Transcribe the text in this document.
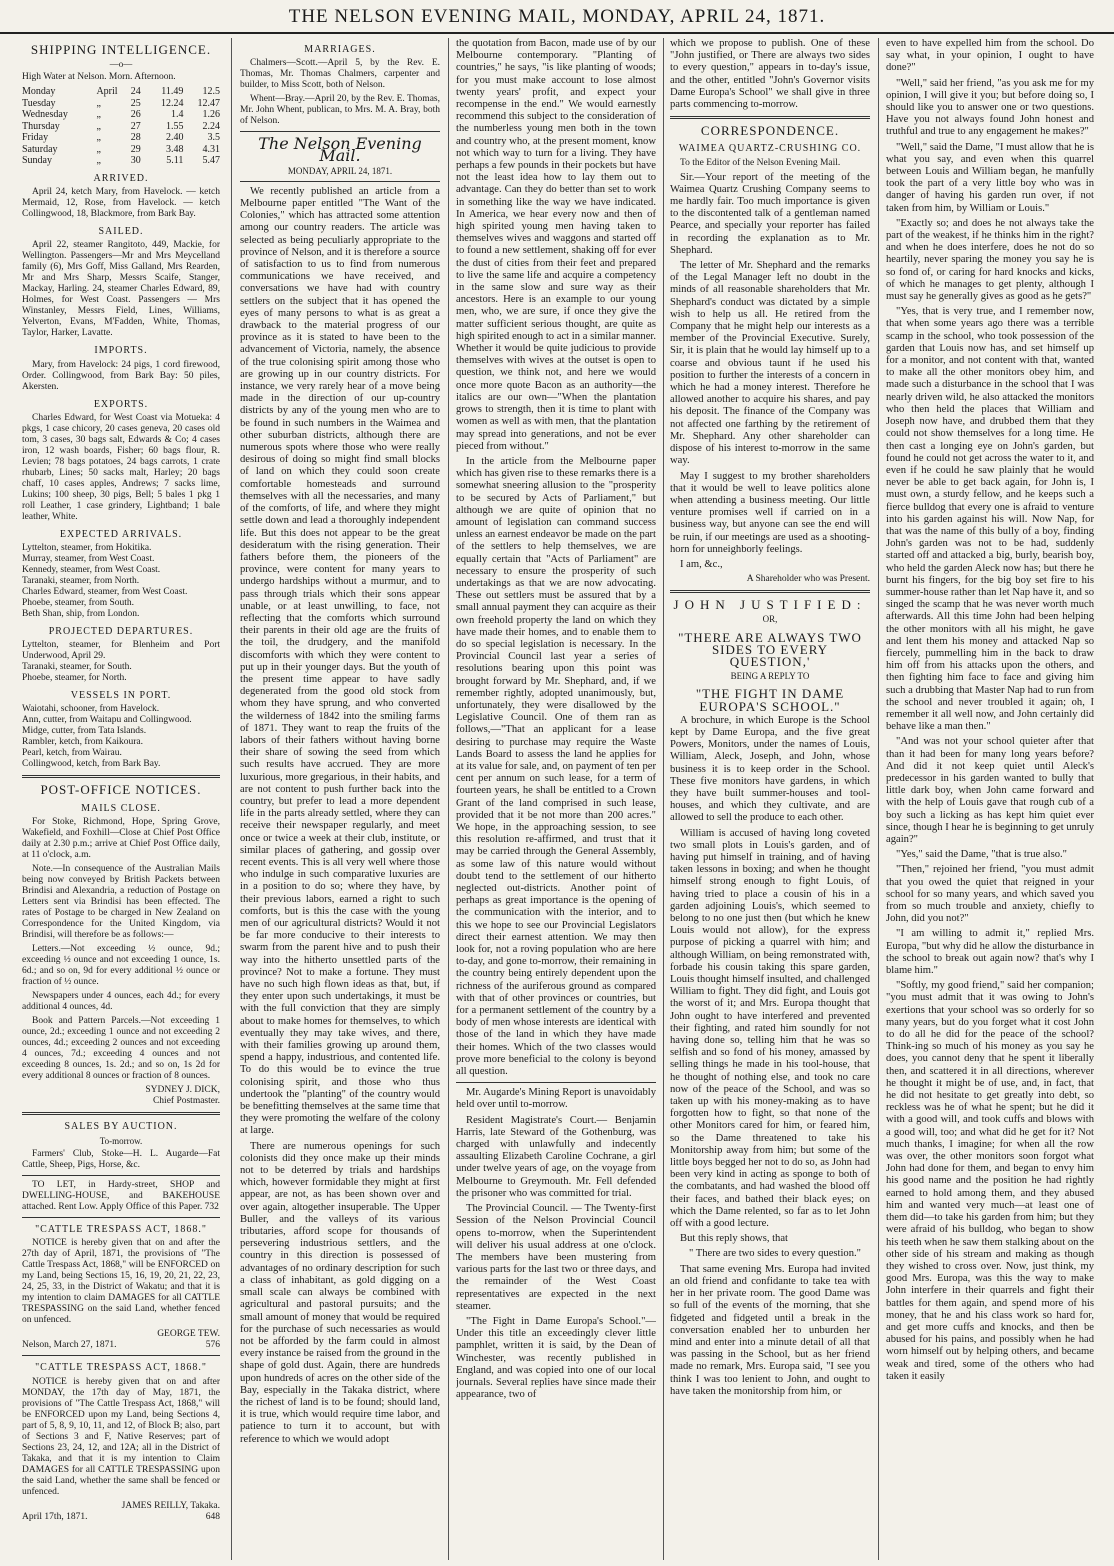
THE NELSON EVENING MAIL, MONDAY, APRIL 24, 1871.
SHIPPING INTELLIGENCE.
—o—

High Water at Nelson. Morn. Afternoon.

Monday	April	24	11.49	12.5
Tuesday	„	25	12.24	12.47
Wednesday	„	26	1.4	1.26
Thursday	„	27	1.55	2.24
Friday	„	28	2.40	3.5
Saturday	„	29	3.48	4.31
Sunday	„	30	5.11	5.47
ARRIVED.

April 24, ketch Mary, from Havelock. — ketch Mermaid, 12, Rose, from Havelock. — ketch Collingwood, 18, Blackmore, from Bark Bay.

SAILED.

April 22, steamer Rangitoto, 449, Mackie, for Wellington. Passengers—Mr and Mrs Meycelland family (6), Mrs Goff, Miss Galland, Mrs Rearden, Mr and Mrs Sharp, Messrs Scaife, Stanger, Mackay, Harling. 24, steamer Charles Edward, 89, Holmes, for West Coast. Passengers — Mrs Winstanley, Messrs Field, Lines, Williams, Yelverton, Evans, M'Fadden, White, Thomas, Taylor, Harker, Lavatte.

IMPORTS.

Mary, from Havelock: 24 pigs, 1 cord firewood, Order. Collingwood, from Bark Bay: 50 piles, Akersten.

EXPORTS.

Charles Edward, for West Coast via Motueka: 4 pkgs, 1 case chicory, 20 cases geneva, 20 cases old tom, 3 cases, 30 bags salt, Edwards & Co; 4 cases iron, 12 wash boards, Fisher; 60 bags flour, R. Levien; 78 bags potatoes, 24 bags carrots, 1 crate rhubarb, Lines; 50 sacks malt, Harley; 20 bags chaff, 10 cases apples, Andrews; 7 sacks lime, Lukins; 100 sheep, 30 pigs, Bell; 5 bales 1 pkg 1 roll Leather, 1 case grindery, Lightband; 1 bale leather, White.

EXPECTED ARRIVALS.
Lyttelton, steamer, from Hokitika.
Murray, steamer, from West Coast.
Kennedy, steamer, from West Coast.
Taranaki, steamer, from North.
Charles Edward, steamer, from West Coast.
Phoebe, steamer, from South.
Beth Shan, ship, from London.
PROJECTED DEPARTURES.
Lyttelton, steamer, for Blenheim and Port Underwood, April 29.
Taranaki, steamer, for South.
Phoebe, steamer, for North.
VESSELS IN PORT.
Waiotahi, schooner, from Havelock.
Ann, cutter, from Waitapu and Collingwood.
Midge, cutter, from Tata Islands.
Rambler, ketch, from Kaikoura.
Pearl, ketch, from Wairau.
Collingwood, ketch, from Bark Bay.
POST-OFFICE NOTICES.
MAILS CLOSE.

For Stoke, Richmond, Hope, Spring Grove, Wakefield, and Foxhill—Close at Chief Post Office daily at 2.30 p.m.; arrive at Chief Post Office daily, at 11 o'clock, a.m.

Note.—In consequence of the Australian Mails being now conveyed by British Packets between Brindisi and Alexandria, a reduction of Postage on Letters sent via Brindisi has been effected. The rates of Postage to be charged in New Zealand on Correspondence for the United Kingdom, via Brindisi, will therefore be as follows:—

Letters.—Not exceeding ½ ounce, 9d.; exceeding ½ ounce and not exceeding 1 ounce, 1s. 6d.; and so on, 9d for every additional ½ ounce or fraction of ½ ounce.

Newspapers under 4 ounces, each 4d.; for every additional 4 ounces, 4d.

Book and Pattern Parcels.—Not exceeding 1 ounce, 2d.; exceeding 1 ounce and not exceeding 2 ounces, 4d.; exceeding 2 ounces and not exceeding 4 ounces, 7d.; exceeding 4 ounces and not exceeding 8 ounces, 1s. 2d.; and so on, 1s 2d for every additional 8 ounces or fraction of 8 ounces.

SYDNEY J. DICK,

Chief Postmaster.

SALES BY AUCTION.
To-morrow.

Farmers' Club, Stoke—H. L. Augarde—Fat Cattle, Sheep, Pigs, Horse, &c.

TO LET, in Hardy-street, SHOP and DWELLING-HOUSE, and BAKEHOUSE attached. Rent Low. Apply Office of this Paper. 732

"CATTLE TRESPASS ACT, 1868."

NOTICE is hereby given that on and after the 27th day of April, 1871, the provisions of "The Cattle Trespass Act, 1868," will be ENFORCED on my Land, being Sections 15, 16, 19, 20, 21, 22, 23, 24, 25, 33, in the District of Wakatu; and that it is my intention to claim DAMAGES for all CATTLE TRESPASSING on the said Land, whether fenced on unfenced.

GEORGE TEW.

Nelson, March 27, 1871.	576

"CATTLE TRESPASS ACT, 1868."

NOTICE is hereby given that on and after MONDAY, the 17th day of May, 1871, the provisions of "The Cattle Trespass Act, 1868," will be ENFORCED upon my Land, being Sections 4, part of 5, 8, 9, 10, 11, and 12, of Block B; also, part of Sections 3 and F, Native Reserves; part of Sections 23, 24, 12, and 12A; all in the District of Takaka, and that it is my intention to Claim DAMAGES for all CATTLE TRESPASSING upon the said Land, whether the same shall be fenced or unfenced.

JAMES REILLY, Takaka.

April 17th, 1871.	648

MARRIAGES.

Chalmers—Scott.—April 5, by the Rev. E. Thomas, Mr. Thomas Chalmers, carpenter and builder, to Miss Scott, both of Nelson.

Whent—Bray.—April 20, by the Rev. E. Thomas, Mr. John Whent, publican, to Mrs. M. A. Bray, both of Nelson.

The Nelson Evening Mail.
MONDAY, APRIL 24, 1871.

We recently published an article from a Melbourne paper entitled "The Want of the Colonies," which has attracted some attention among our country readers. The article was selected as being peculiarly appropriate to the province of Nelson, and it is therefore a source of satisfaction to us to find from numerous communications we have received, and conversations we have had with country settlers on the subject that it has opened the eyes of many persons to what is as great a drawback to the material progress of our province as it is stated to have been to the advancement of Victoria, namely, the absence of the true colonising spirit among those who are growing up in our country districts. For instance, we very rarely hear of a move being made in the direction of our up-country districts by any of the young men who are to be found in such numbers in the Waimea and other suburban districts, although there are numerous spots where those who were really desirous of doing so might find small blocks of land on which they could soon create comfortable homesteads and surround themselves with all the necessaries, and many of the comforts, of life, and where they might settle down and lead a thoroughly independent life. But this does not appear to be the great desideratum with the rising generation. Their fathers before them, the pioneers of the province, were content for many years to undergo hardships without a murmur, and to pass through trials which their sons appear unable, or at least unwilling, to face, not reflecting that the comforts which surround their parents in their old age are the fruits of the toil, the drudgery, and the manifold discomforts with which they were content to put up in their younger days. But the youth of the present time appear to have sadly degenerated from the good old stock from whom they have sprung, and who converted the wilderness of 1842 into the smiling farms of 1871. They want to reap the fruits of the labors of their fathers without having borne their share of sowing the seed from which such results have accrued. They are more luxurious, more gregarious, in their habits, and are not content to push further back into the country, but prefer to lead a more dependent life in the parts already settled, where they can receive their newspaper regularly, and meet once or twice a week at their club, institute, or similar places of gathering, and gossip over recent events. This is all very well where those who indulge in such comparative luxuries are in a position to do so; where they have, by their previous labors, earned a right to such comforts, but is this the case with the young men of our agricultural districts? Would it not be far more conducive to their interests to swarm from the parent hive and to push their way into the hitherto unsettled parts of the province? Not to make a fortune. They must have no such high flown ideas as that, but, if they enter upon such undertakings, it must be with the full conviction that they are simply about to make homes for themselves, to which eventually they may take wives, and there, with their families growing up around them, spend a happy, industrious, and contented life. To do this would be to evince the true colonising spirit, and those who thus undertook the "planting" of the country would be benefitting themselves at the same time that they were promoting the welfare of the colony at large.

There are numerous openings for such colonists did they once make up their minds not to be deterred by trials and hardships which, however formidable they might at first appear, are not, as has been shown over and over again, altogether insuperable. The Upper Buller, and the valleys of its various tributaries, afford scope for thousands of persevering industrious settlers, and the country in this direction is possessed of advantages of no ordinary description for such a class of inhabitant, as gold digging on a small scale can always be combined with agricultural and pastoral pursuits; and the small amount of money that would be required for the purchase of such necessaries as would not be afforded by the farm could in almost every instance be raised from the ground in the shape of gold dust. Again, there are hundreds upon hundreds of acres on the other side of the Bay, especially in the Takaka district, where the richest of land is to be found; should land, it is true, which would require time labor, and patience to turn it to account, but with reference to which we would adopt

the quotation from Bacon, made use of by our Melbourne contemporary. "Planting of countries," he says, "is like planting of woods; for you must make account to lose almost twenty years' profit, and expect your recompense in the end." We would earnestly recommend this subject to the consideration of the numberless young men both in the town and country who, at the present moment, know not which way to turn for a living. They have perhaps a few pounds in their pockets but have not the least idea how to lay them out to advantage. Can they do better than set to work in something like the way we have indicated. In America, we hear every now and then of high spirited young men having taken to themselves wives and waggons and started off to found a new settlement, shaking off for ever the dust of cities from their feet and prepared to live the same life and acquire a competency in the same slow and sure way as their ancestors. Here is an example to our young men, who, we are sure, if once they give the matter sufficient serious thought, are quite as high spirited enough to act in a similar manner. Whether it would be quite judicious to provide themselves with wives at the outset is open to question, we think not, and here we would once more quote Bacon as an authority—the italics are our own—"When the plantation grows to strength, then it is time to plant with women as well as with men, that the plantation may spread into generations, and not be ever pieced from without."

In the article from the Melbourne paper which has given rise to these remarks there is a somewhat sneering allusion to the "prosperity to be secured by Acts of Parliament," but although we are quite of opinion that no amount of legislation can command success unless an earnest endeavor be made on the part of the settlers to help themselves, we are equally certain that "Acts of Parliament" are necessary to ensure the prosperity of such undertakings as that we are now advocating. These out settlers must be assured that by a small annual payment they can acquire as their own freehold property the land on which they have made their homes, and to enable them to do so special legislation is necessary. In the Provincial Council last year a series of resolutions bearing upon this point was brought forward by Mr. Shephard, and, if we remember rightly, adopted unanimously, but, unfortunately, they were disallowed by the Legislative Council. One of them ran as follows,—"That an applicant for a lease desiring to purchase may require the Waste Lands Board to assess the land he applies for at its value for sale, and, on payment of ten per cent per annum on such lease, for a term of fourteen years, he shall be entitled to a Crown Grant of the land comprised in such lease, provided that it be not more than 200 acres." We hope, in the approaching session, to see this resolution re-affirmed, and trust that it may be carried through the General Assembly, as some law of this nature would without doubt tend to the settlement of our hitherto neglected out-districts. Another point of perhaps as great importance is the opening of the communication with the interior, and to this we hope to see our Provincial Legislators direct their earnest attention. We may then look for, not a roving population who are here to-day, and gone to-morrow, their remaining in the country being entirely dependent upon the richness of the auriferous ground as compared with that of other provinces or countries, but for a permanent settlement of the country by a body of men whose interests are identical with those of the land in which they have made their homes. Which of the two classes would prove more beneficial to the colony is beyond all question.

Mr. Augarde's Mining Report is unavoidably held over until to-morrow.

Resident Magistrate's Court.— Benjamin Harris, late Steward of the Gothenburg, was charged with unlawfully and indecently assaulting Elizabeth Caroline Cochrane, a girl under twelve years of age, on the voyage from Melbourne to Greymouth. Mr. Fell defended the prisoner who was committed for trial.

The Provincial Council. — The Twenty-first Session of the Nelson Provincial Council opens to-morrow, when the Superintendent will deliver his usual address at one o'clock. The members have been mustering from various parts for the last two or three days, and the remainder of the West Coast representatives are expected in the next steamer.

"The Fight in Dame Europa's School."—Under this title an exceedingly clever little pamphlet, written it is said, by the Dean of Winchester, was recently published in England, and was copied into one of our local journals. Several replies have since made their appearance, two of

which we propose to publish. One of these "John justified, or There are always two sides to every question," appears in to-day's issue, and the other, entitled "John's Governor visits Dame Europa's School" we shall give in three parts commencing to-morrow.

CORRESPONDENCE.
WAIMEA QUARTZ-CRUSHING CO.

To the Editor of the Nelson Evening Mail.

Sir.—Your report of the meeting of the Waimea Quartz Crushing Company seems to me hardly fair. Too much importance is given to the discontented talk of a gentleman named Pearce, and specially your reporter has failed in recording the explanation as to Mr. Shephard.

The letter of Mr. Shephard and the remarks of the Legal Manager left no doubt in the minds of all reasonable shareholders that Mr. Shephard's conduct was dictated by a simple wish to help us all. He retired from the Company that he might help our interests as a member of the Provincial Executive. Surely, Sir, it is plain that he would lay himself up to a coarse and obvious taunt if he used his position to further the interests of a concern in which he had a money interest. Therefore he allowed another to acquire his shares, and pay his deposit. The finance of the Company was not affected one farthing by the retirement of Mr. Shephard. Any other shareholder can dispose of his interest to-morrow in the same way.

May I suggest to my brother shareholders that it would be well to leave politics alone when attending a business meeting. Our little venture promises well if carried on in a business way, but anyone can see the end will be ruin, if our meetings are used as a shooting-horn for unneighborly feelings.

I am, &c.,

A Shareholder who was Present.

JOHN JUSTIFIED:
OR,
"THERE ARE ALWAYS TWO SIDES TO EVERY QUESTION,'
BEING A REPLY TO
"THE FIGHT IN DAME EUROPA'S SCHOOL."

A brochure, in which Europe is the School kept by Dame Europa, and the five great Powers, Monitors, under the names of Louis, William, Aleck, Joseph, and John, whose business it is to keep order in the School. These five monitors have gardens, in which they have built summer-houses and tool-houses, and which they cultivate, and are allowed to sell the produce to each other.

William is accused of having long coveted two small plots in Louis's garden, and of having put himself in training, and of having taken lessons in boxing; and when he thought himself strong enough to fight Louis, of having tried to place a cousin of his in a garden adjoining Louis's, which seemed to belong to no one just then (but which he knew Louis would not allow), for the express purpose of picking a quarrel with him; and although William, on being remonstrated with, forbade his cousin taking this spare garden, Louis thought himself insulted, and challenged William to fight. They did fight, and Louis got the worst of it; and Mrs. Europa thought that John ought to have interfered and prevented their fighting, and rated him soundly for not having done so, telling him that he was so selfish and so fond of his money, amassed by selling things he made in his tool-house, that he thought of nothing else, and took no care now of the peace of the School, and was so taken up with his money-making as to have forgotten how to fight, so that none of the other Monitors cared for him, or feared him, so the Dame threatened to take his Monitorship away from him; but some of the little boys begged her not to do so, as John had been very kind in acting as sponge to both of the combatants, and had washed the blood off their faces, and bathed their black eyes; on which the Dame relented, so far as to let John off with a good lecture.

But this reply shows, that

" There are two sides to every question."

That same evening Mrs. Europa had invited an old friend and confidante to take tea with her in her private room. The good Dame was so full of the events of the morning, that she fidgeted and fidgeted until a break in the conversation enabled her to unburden her mind and enter into a minute detail of all that was passing in the School, but as her friend made no remark, Mrs. Europa said, "I see you think I was too lenient to John, and ought to have taken the monitorship from him, or

even to have expelled him from the school. Do say what, in your opinion, I ought to have done?"

"Well," said her friend, "as you ask me for my opinion, I will give it you; but before doing so, I should like you to answer one or two questions. Have you not always found John honest and truthful and true to any engagement he makes?"

"Well," said the Dame, "I must allow that he is what you say, and even when this quarrel between Louis and William began, he manfully took the part of a very little boy who was in danger of having his garden run over, if not taken from him, by William or Louis."

"Exactly so; and does he not always take the part of the weakest, if he thinks him in the right? and when he does interfere, does he not do so heartily, never sparing the money you say he is so fond of, or caring for hard knocks and kicks, of which he manages to get plenty, although I must say he generally gives as good as he gets?"

"Yes, that is very true, and I remember now, that when some years ago there was a terrible scamp in the school, who took possession of the garden that Louis now has, and set himself up for a monitor, and not content with that, wanted to make all the other monitors obey him, and made such a disturbance in the school that I was nearly driven wild, he also attacked the monitors who then held the places that William and Joseph now have, and drubbed them that they could not show themselves for a long time. He then cast a longing eye on John's garden, but found he could not get across the water to it, and even if he could he saw plainly that he would never be able to get back again, for John is, I must own, a sturdy fellow, and he keeps such a fierce bulldog that every one is afraid to venture into his garden against his will. Now Nap, for that was the name of this bully of a boy, finding John's garden was not to be had, suddenly started off and attacked a big, burly, bearish boy, who held the garden Aleck now has; but there he burnt his fingers, for the big boy set fire to his summer-house rather than let Nap have it, and so singed the scamp that he was never worth much afterwards. All this time John had been helping the other monitors with all his might, he gave and lent them his money and attacked Nap so fiercely, pummelling him in the back to draw him off from his attacks upon the others, and then fighting him face to face and giving him such a drubbing that Master Nap had to run from the school and never troubled it again; oh, I remember it all well now, and John certainly did behave like a man then."

"And was not your school quieter after that than it had been for many long years before? And did it not keep quiet until Aleck's predecessor in his garden wanted to bully that little dark boy, when John came forward and with the help of Louis gave that rough cub of a boy such a licking as has kept him quiet ever since, though I hear he is beginning to get unruly again?"

"Yes," said the Dame, "that is true also."

"Then," rejoined her friend, "you must admit that you owed the quiet that reigned in your school for so many years, and which saved you from so much trouble and anxiety, chiefly to John, did you not?"

"I am willing to admit it," replied Mrs. Europa, "but why did he allow the disturbance in the school to break out again now? that's why I blame him."

"Softly, my good friend," said her companion; "you must admit that it was owing to John's exertions that your school was so orderly for so many years, but do you forget what it cost John to do all he did for the peace of the school? Think-ing so much of his money as you say he does, you cannot deny that he spent it liberally then, and scattered it in all directions, wherever he thought it might be of use, and, in fact, that he did not hesitate to get greatly into debt, so reckless was he of what he spent; but he did it with a good will, and took cuffs and blows with a good will, too; and what did he get for it? Not much thanks, I imagine; for when all the row was over, the other monitors soon forgot what John had done for them, and began to envy him his good name and the position he had rightly earned to hold among them, and they abused him and wanted very much—at least one of them did—to take his garden from him; but they were afraid of his bulldog, who began to show his teeth when he saw them stalking about on the other side of his stream and making as though they wished to cross over. Now, just think, my good Mrs. Europa, was this the way to make John interfere in their quarrels and fight their battles for them again, and spend more of his money, that he and his class work so hard for, and get more cuffs and knocks, and then be abused for his pains, and possibly when he had worn himself out by helping others, and became weak and tired, some of the others who had taken it easily
